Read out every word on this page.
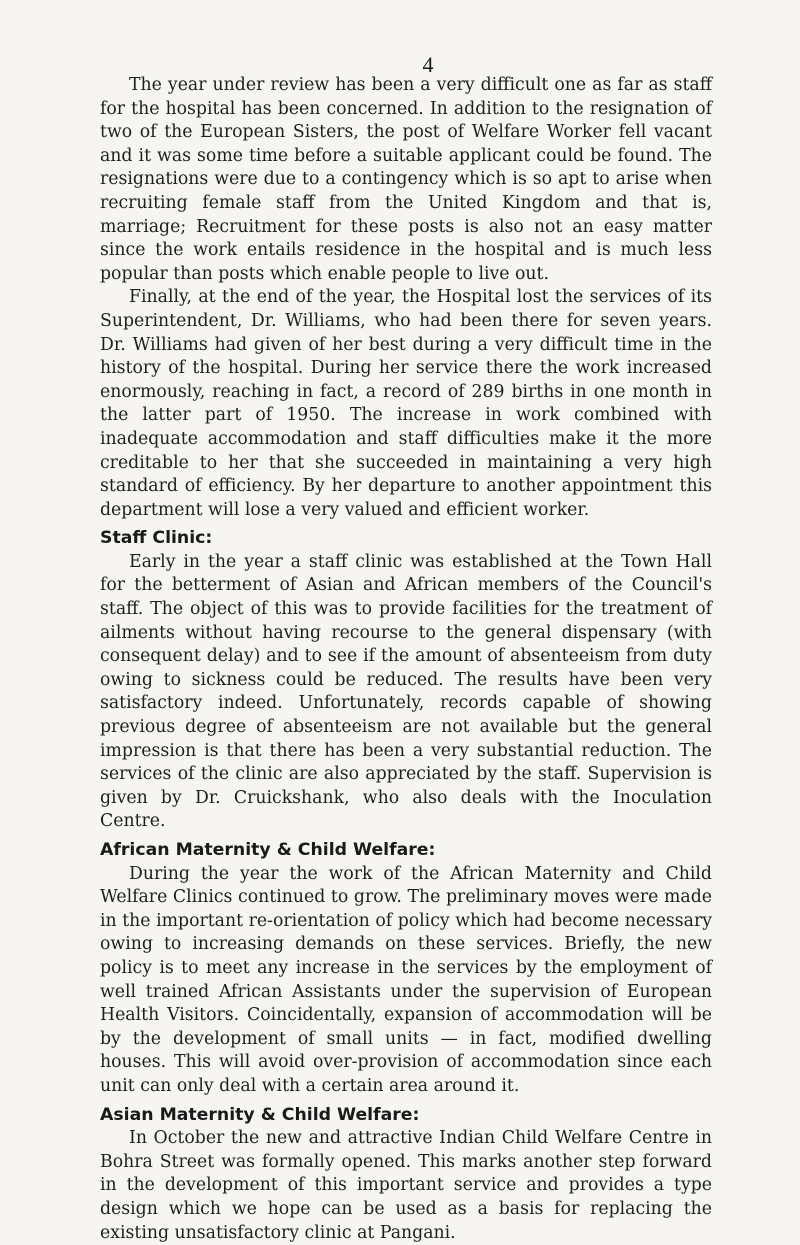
4

The year under review has been a very difficult one as far as staff for the hospital has been concerned. In addition to the resignation of two of the European Sisters, the post of Welfare Worker fell vacant and it was some time before a suitable applicant could be found. The resignations were due to a contingency which is so apt to arise when recruiting female staff from the United Kingdom and that is, marriage; Recruitment for these posts is also not an easy matter since the work entails residence in the hospital and is much less popular than posts which enable people to live out.

Finally, at the end of the year, the Hospital lost the services of its Superintendent, Dr. Williams, who had been there for seven years. Dr. Williams had given of her best during a very difficult time in the history of the hospital. During her service there the work increased enormously, reaching in fact, a record of 289 births in one month in the latter part of 1950. The increase in work combined with inadequate accommodation and staff difficulties make it the more creditable to her that she succeeded in maintaining a very high standard of efficiency. By her departure to another appointment this department will lose a very valued and efficient worker.

Staff Clinic:

Early in the year a staff clinic was established at the Town Hall for the betterment of Asian and African members of the Council's staff. The object of this was to provide facilities for the treatment of ailments without having recourse to the general dispensary (with consequent delay) and to see if the amount of absenteeism from duty owing to sickness could be reduced. The results have been very satisfactory indeed. Unfortunately, records capable of showing previous degree of absenteeism are not available but the general impression is that there has been a very substantial reduction. The services of the clinic are also appreciated by the staff. Supervision is given by Dr. Cruickshank, who also deals with the Inoculation Centre.

African Maternity & Child Welfare:

During the year the work of the African Maternity and Child Welfare Clinics continued to grow. The preliminary moves were made in the important re-orientation of policy which had become necessary owing to increasing demands on these services. Briefly, the new policy is to meet any increase in the services by the employment of well trained African Assistants under the supervision of European Health Visitors. Coincidentally, expansion of accommodation will be by the development of small units — in fact, modified dwelling houses. This will avoid over-provision of accommodation since each unit can only deal with a certain area around it.

Asian Maternity & Child Welfare:

In October the new and attractive Indian Child Welfare Centre in Bohra Street was formally opened. This marks another step forward in the development of this important service and provides a type design which we hope can be used as a basis for replacing the existing unsatisfactory clinic at Pangani.
